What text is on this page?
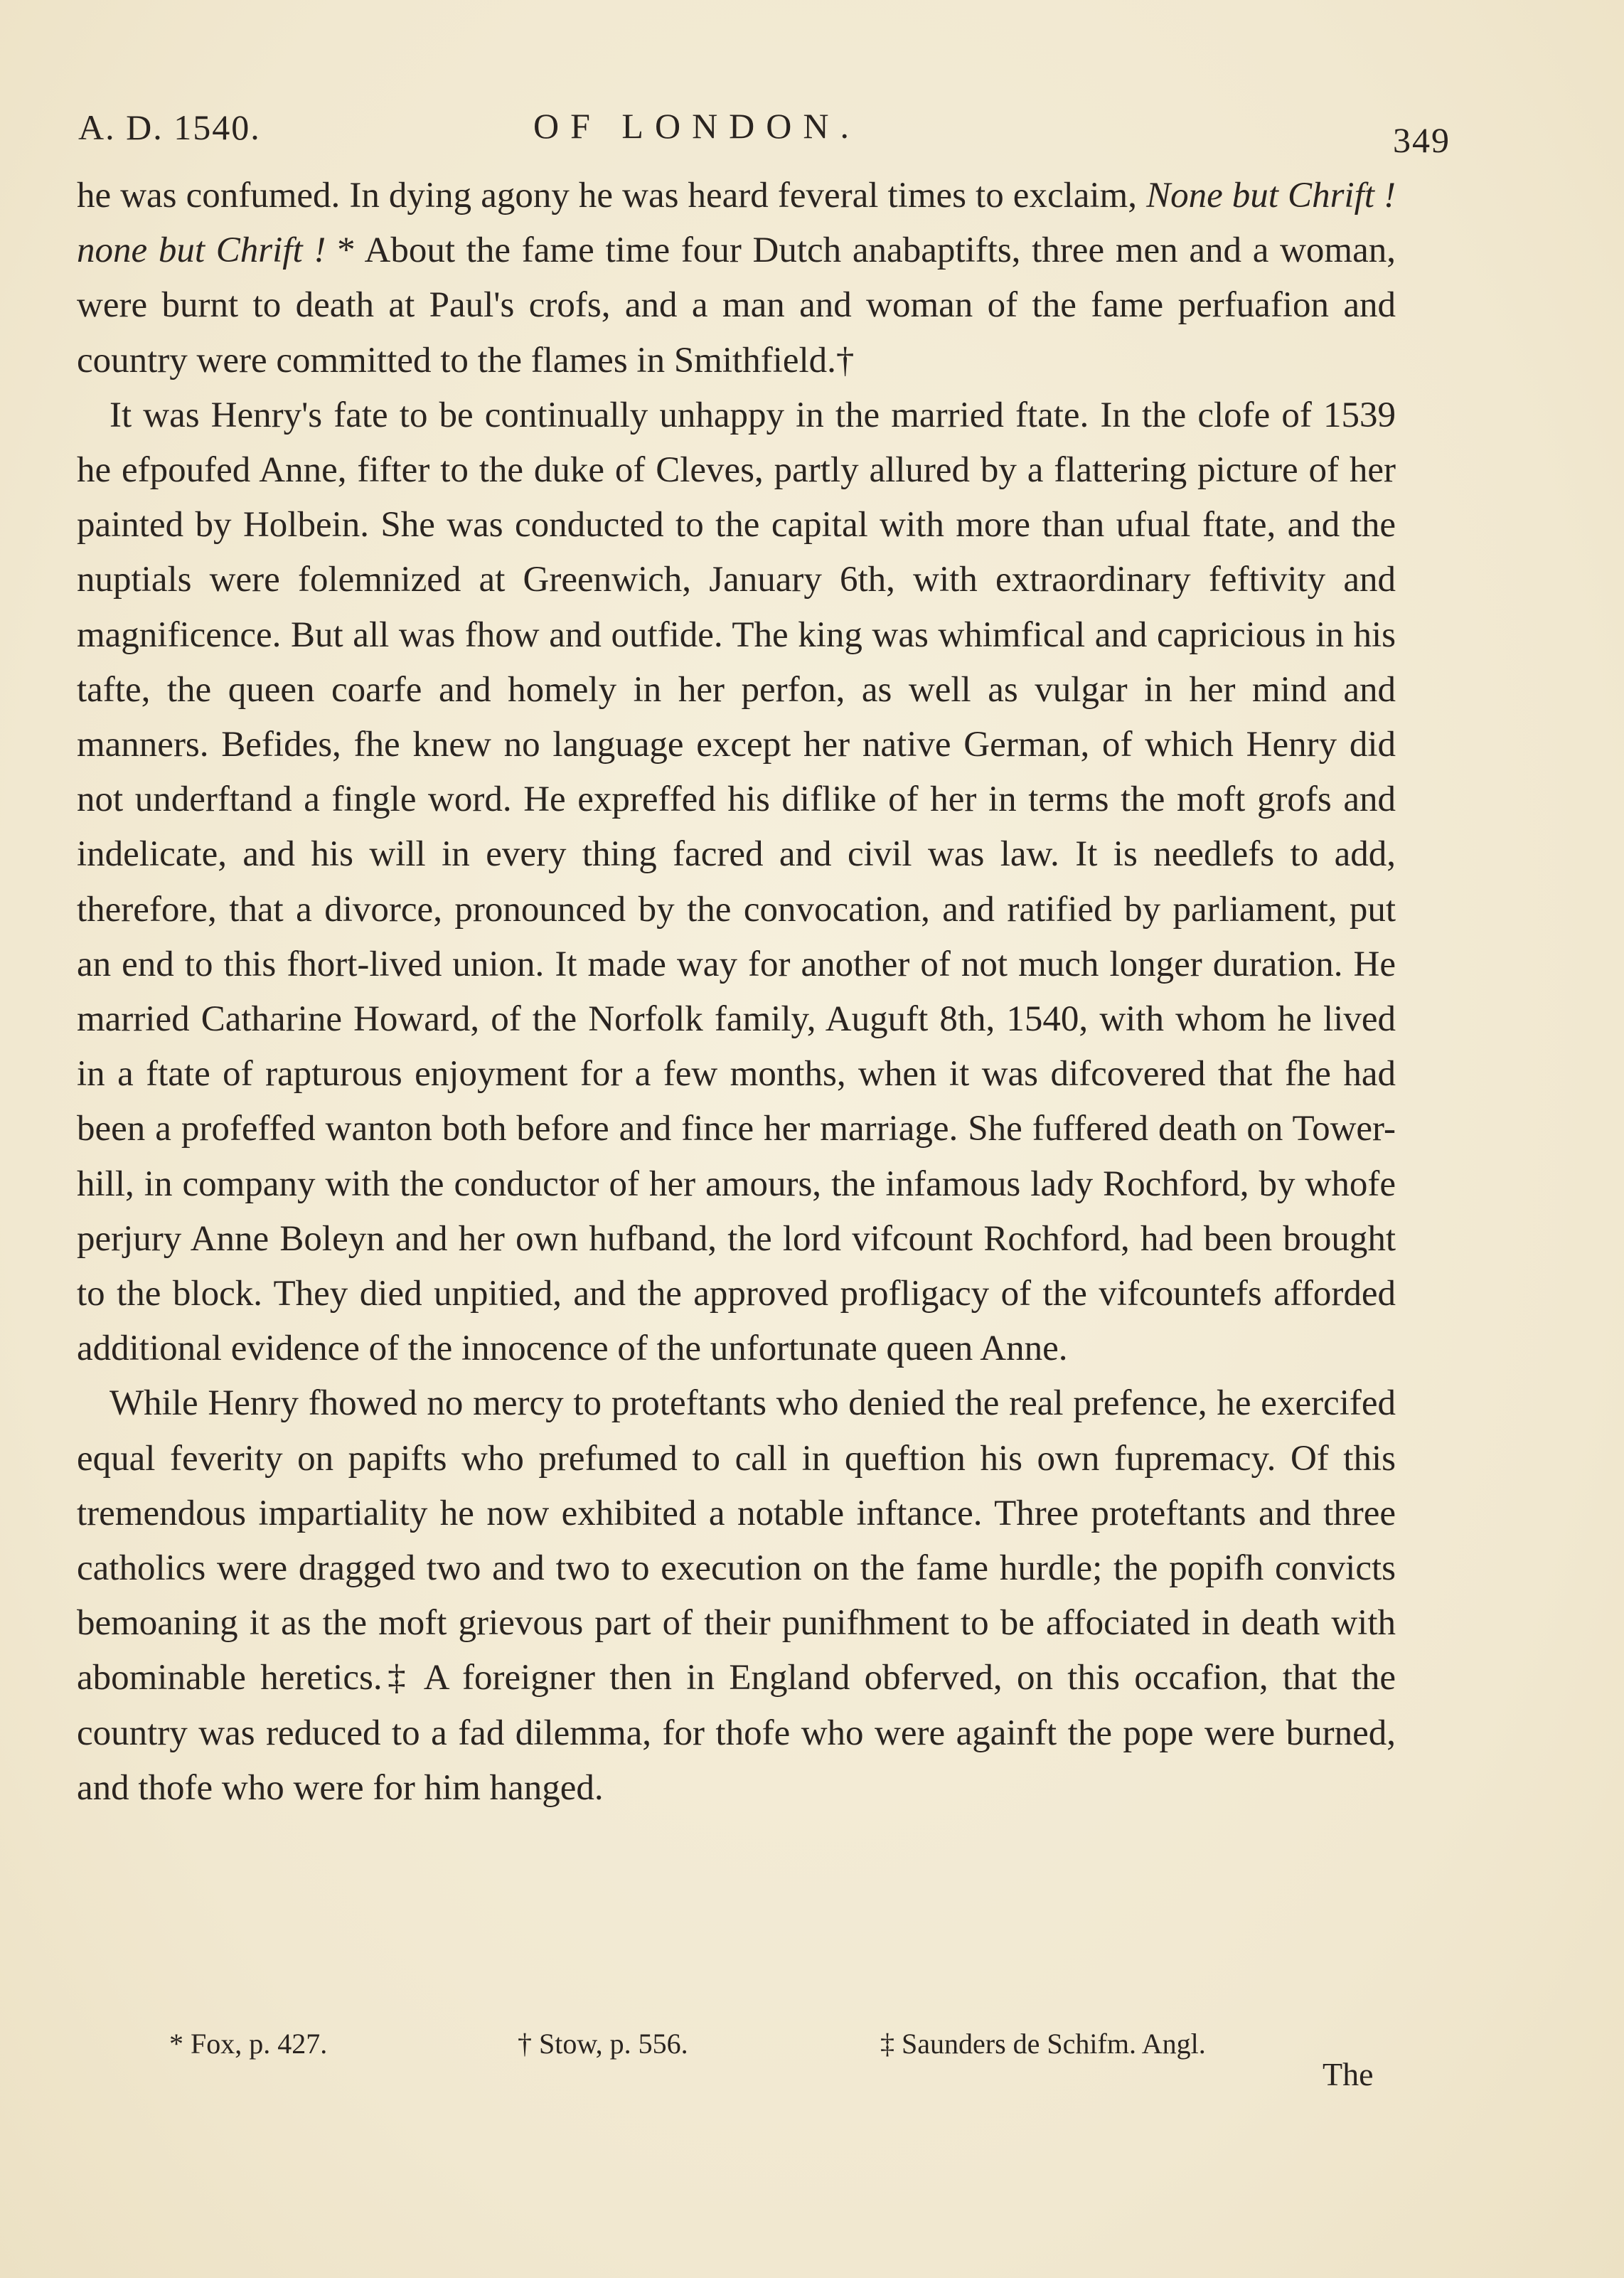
A. D. 1540.	OF LONDON.	349

he was confumed. In dying agony he was heard feveral times to exclaim, None but Chrift ! none but Chrift ! * About the fame time four Dutch anabaptifts, three men and a woman, were burnt to death at Paul's crofs, and a man and woman of the fame perfuafion and country were committed to the flames in Smithfield.†

It was Henry's fate to be continually unhappy in the married ftate. In the clofe of 1539 he efpoufed Anne, fifter to the duke of Cleves, partly allured by a flattering picture of her painted by Holbein. She was conducted to the capital with more than ufual ftate, and the nuptials were folemnized at Greenwich, January 6th, with extraordinary feftivity and magnificence. But all was fhow and outfide. The king was whimfical and capricious in his tafte, the queen coarfe and homely in her perfon, as well as vulgar in her mind and manners. Befides, fhe knew no language except her native German, of which Henry did not underftand a fingle word. He expreffed his diflike of her in terms the moft grofs and indelicate, and his will in every thing facred and civil was law. It is needlefs to add, therefore, that a divorce, pronounced by the convocation, and ratified by parliament, put an end to this fhort-lived union. It made way for another of not much longer duration. He married Catharine Howard, of the Norfolk family, Auguft 8th, 1540, with whom he lived in a ftate of rapturous enjoyment for a few months, when it was difcovered that fhe had been a profeffed wanton both before and fince her marriage. She fuffered death on Tower-hill, in company with the conductor of her amours, the infamous lady Rochford, by whofe perjury Anne Boleyn and her own hufband, the lord vifcount Rochford, had been brought to the block. They died unpitied, and the approved profligacy of the vifcountefs afforded additional evidence of the innocence of the unfortunate queen Anne.

While Henry fhowed no mercy to proteftants who denied the real prefence, he exercifed equal feverity on papifts who prefumed to call in queftion his own fupremacy. Of this tremendous impartiality he now exhibited a notable inftance. Three proteftants and three catholics were dragged two and two to execution on the fame hurdle; the popifh convicts bemoaning it as the moft grievous part of their punifhment to be affociated in death with abominable heretics.‡ A foreigner then in England obferved, on this occafion, that the country was reduced to a fad dilemma, for thofe who were againft the pope were burned, and thofe who were for him hanged.

* Fox, p. 427.	† Stow, p. 556.	‡ Saunders de Schifm. Angl.
The
